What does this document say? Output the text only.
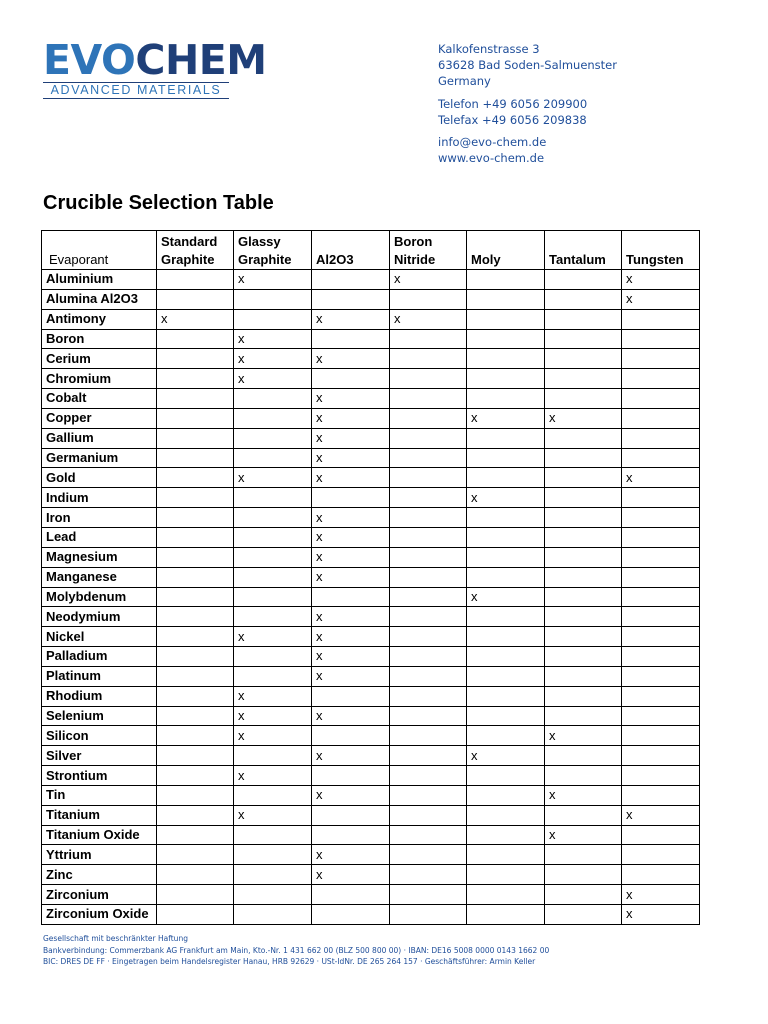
EVOCHEM
ADVANCED MATERIALS
Kalkofenstrasse 3
63628 Bad Soden-Salmuenster
Germany
Telefon +49 6056 209900
Telefax +49 6056 209838
info@evo-chem.de
www.evo-chem.de
Crucible Selection Table
Evaporant	Standard Graphite	Glassy Graphite	Al2O3	Boron Nitride	Moly	Tantalum	Tungsten
Aluminium		x		x			x
Alumina Al2O3							x
Antimony	x		x	x			
Boron		x					
Cerium		x	x				
Chromium		x					
Cobalt			x				
Copper			x		x	x	
Gallium			x				
Germanium			x				
Gold		x	x				x
Indium					x		
Iron			x				
Lead			x				
Magnesium			x				
Manganese			x				
Molybdenum					x		
Neodymium			x				
Nickel		x	x				
Palladium			x				
Platinum			x				
Rhodium		x					
Selenium		x	x				
Silicon		x				x	
Silver			x		x		
Strontium		x					
Tin			x			x	
Titanium		x					x
Titanium Oxide						x	
Yttrium			x				
Zinc			x				
Zirconium							x
Zirconium Oxide							x
Gesellschaft mit beschränkter Haftung
Bankverbindung: Commerzbank AG Frankfurt am Main, Kto.-Nr. 1 431 662 00 (BLZ 500 800 00) · IBAN: DE16 5008 0000 0143 1662 00
BIC: DRES DE FF · Eingetragen beim Handelsregister Hanau, HRB 92629 · USt-IdNr. DE 265 264 157 · Geschäftsführer: Armin Keller
